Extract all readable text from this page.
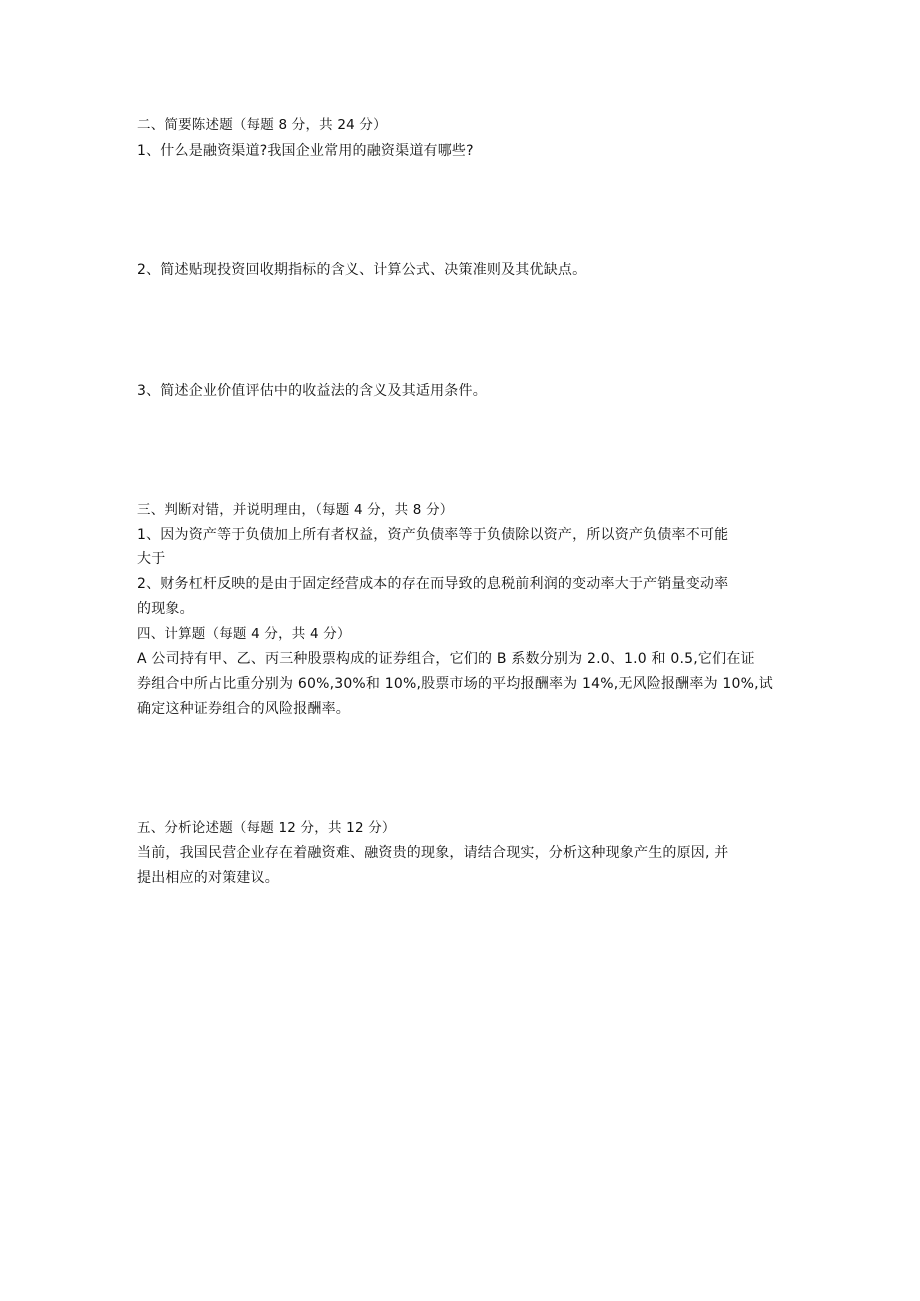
二、简要陈述题（每题 8 分，共 24 分）
1、什么是融资渠道?我国企业常用的融资渠道有哪些?
2、简述贴现投资回收期指标的含义、计算公式、决策准则及其优缺点。
3、简述企业价值评估中的收益法的含义及其适用条件。
三、判断对错，并说明理由，（每题 4 分，共 8 分）
1、因为资产等于负债加上所有者权益，资产负债率等于负债除以资产，所以资产负债率不可能
大于
2、财务杠杆反映的是由于固定经营成本的存在而导致的息税前利润的变动率大于产销量变动率
的现象。
四、计算题（每题 4 分，共 4 分）
A 公司持有甲、乙、丙三种股票构成的证券组合，它们的 B 系数分别为 2.0、1.0 和 0.5,它们在证
券组合中所占比重分别为 60%,30%和 10%,股票市场的平均报酬率为 14%,无风险报酬率为 10%,试
确定这种证券组合的风险报酬率。
五、分析论述题（每题 12 分，共 12 分）
当前，我国民营企业存在着融资难、融资贵的现象，请结合现实，分析这种现象产生的原因, 并
提出相应的对策建议。
